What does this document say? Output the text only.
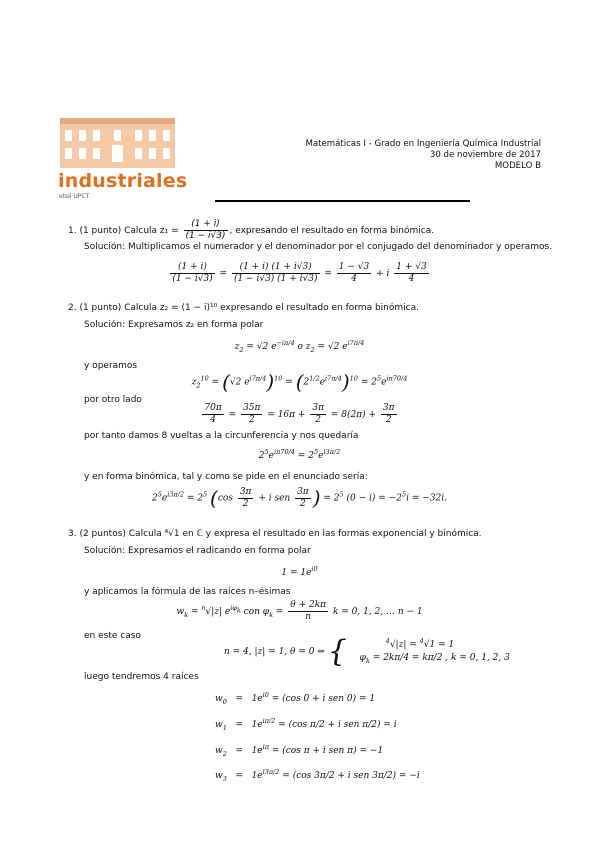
industriales
etsii UPCT
Matemáticas I - Grado en Ingeniería Química Industrial
30 de noviembre de 2017
MODELO B
1. (1 punto) Calcula $z_1 = \frac{(1 + i)}{(1 - i√3)}$ , expresando el resultado en forma binómica.
Solución: Multiplicamos el numerador y el denominador por el conjugado del denominador y operamos.
$\frac{(1 + i)}{(1 - i√3)} = \frac{(1 + i) (1 + i√3)}{(1 - i√3) (1 + i√3)} = \frac{1 - √3}{4} + i \frac{1 + √3}{4}$
2. (1 punto) Calcula z₂ = (1 − i)¹⁰ expresando el resultado en forma binómica.
Solución: Expresamos z₂ en forma polar
$z_2 = √2$ $e^{-i\pi/4}$ o $z_2 = √2$ $e^{i7\pi/4}$
y operamos
$z_2^{10} = (√2$ $e^{i7\pi/4})^{10} = (2^{1/2}e^{i7\pi/4})^{10} = 2^5e^{i\pi 70/4}$
por otro lado
$\frac{70\pi}{4} = \frac{35\pi}{2} = 16\pi + \frac{3\pi}{2} = 8(2\pi) + \frac{3\pi}{2}$
por tanto damos 8 vueltas a la circunferencia y nos quedaría
$2^5e^{i\pi 70/4} = 2^5e^{i3\pi/2}$
y en forma binómica, tal y como se pide en el enunciado sería:
$2^5e^{i3\pi/2} = 2^5$ ($\cos \frac{3\pi}{2} + i$ sen $\frac{3\pi}{2}$ ) = $2^5$ $(0 - i) = -2^5i = -32i$.
3. (2 puntos) Calcula ⁴√1 en ℂ y expresa el resultado en las formas exponencial y binómica.
Solución: Expresamos el radicando en forma polar
$1 = 1e^{i0}$
y aplicamos la fórmula de las raíces n–ésimas
$w_k = ^n√|z|$ $e^{i\varphi_k}$ con $\varphi_k = \frac{\theta + 2k\pi}{n}$ k = 0, 1, 2, … n − 1
en este caso
n = 4, |z| = 1, θ = 0 ⇒ {	$^4$√|z| = $^4$√1 = 1
$\varphi_k = 2k\pi/4 = k\pi/2$ , k = 0, 1, 2, 3
luego tendremos 4 raíces
$w_0 = 1e^{i0} = (\cos$ 0 + i sen 0) = 1
$w_1 = 1e^{i\pi/2} = (\cos$ π/2 + i sen π/2) = i
$w_2 = 1e^{i\pi} = (\cos$ π + i sen π) = −1
$w_3 = 1e^{i3\pi/2} = (\cos$ 3π/2 + i sen 3π/2) = −i
